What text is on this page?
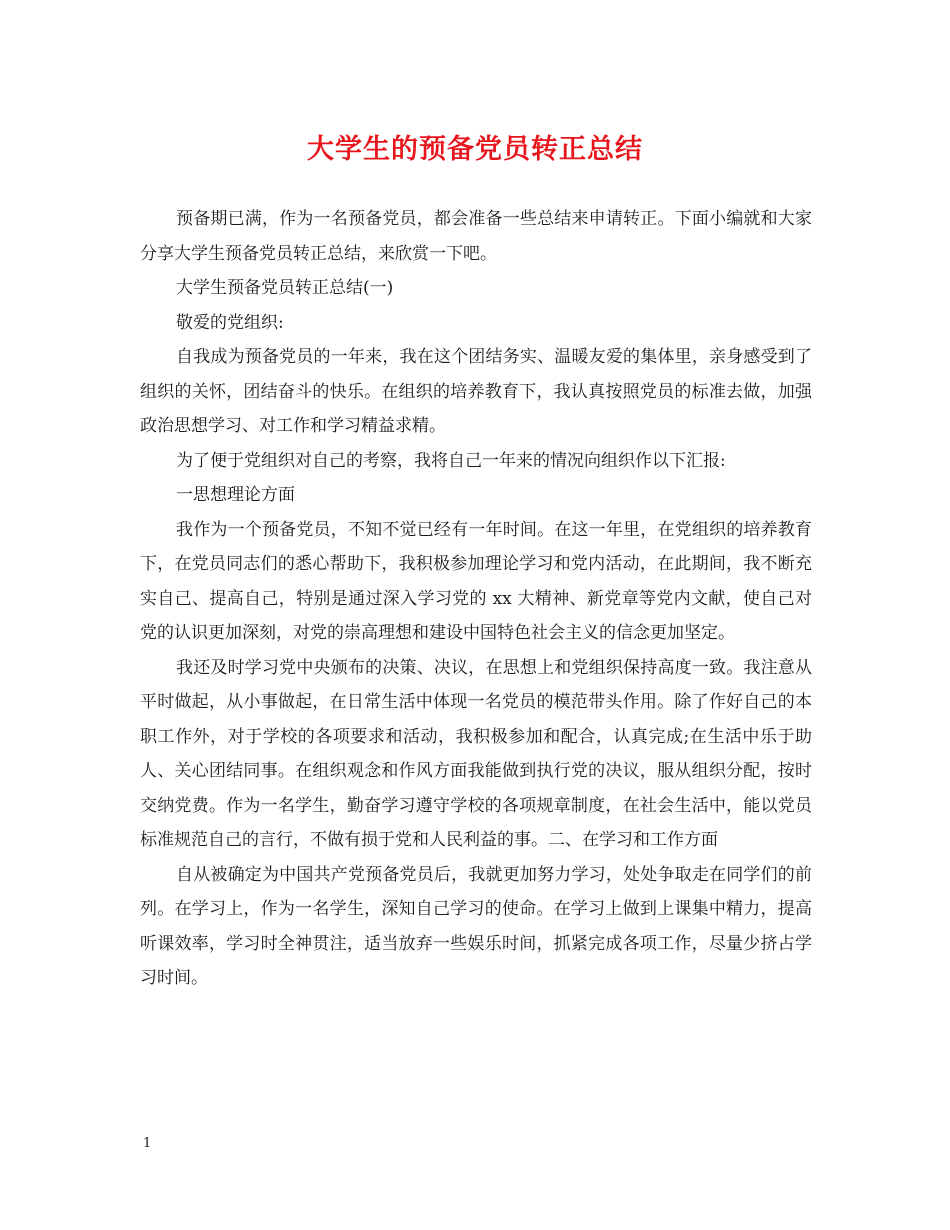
大学生的预备党员转正总结

预备期已满，作为一名预备党员，都会准备一些总结来申请转正。下面小编就和大家分享大学生预备党员转正总结，来欣赏一下吧。

大学生预备党员转正总结(一)

敬爱的党组织:

自我成为预备党员的一年来，我在这个团结务实、温暖友爱的集体里，亲身感受到了组织的关怀，团结奋斗的快乐。在组织的培养教育下，我认真按照党员的标准去做，加强政治思想学习、对工作和学习精益求精。

为了便于党组织对自己的考察，我将自己一年来的情况向组织作以下汇报:

一思想理论方面

我作为一个预备党员，不知不觉已经有一年时间。在这一年里，在党组织的培养教育下，在党员同志们的悉心帮助下，我积极参加理论学习和党内活动，在此期间，我不断充实自己、提高自己，特别是通过深入学习党的 xx 大精神、新党章等党内文献，使自己对党的认识更加深刻，对党的崇高理想和建设中国特色社会主义的信念更加坚定。

我还及时学习党中央颁布的决策、决议，在思想上和党组织保持高度一致。我注意从平时做起，从小事做起，在日常生活中体现一名党员的模范带头作用。除了作好自己的本职工作外，对于学校的各项要求和活动，我积极参加和配合，认真完成;在生活中乐于助人、关心团结同事。在组织观念和作风方面我能做到执行党的决议，服从组织分配，按时交纳党费。作为一名学生，勤奋学习遵守学校的各项规章制度，在社会生活中，能以党员标准规范自己的言行，不做有损于党和人民利益的事。二、在学习和工作方面

自从被确定为中国共产党预备党员后，我就更加努力学习，处处争取走在同学们的前列。在学习上，作为一名学生，深知自己学习的使命。在学习上做到上课集中精力，提高听课效率，学习时全神贯注，适当放弃一些娱乐时间，抓紧完成各项工作，尽量少挤占学习时间。

1
